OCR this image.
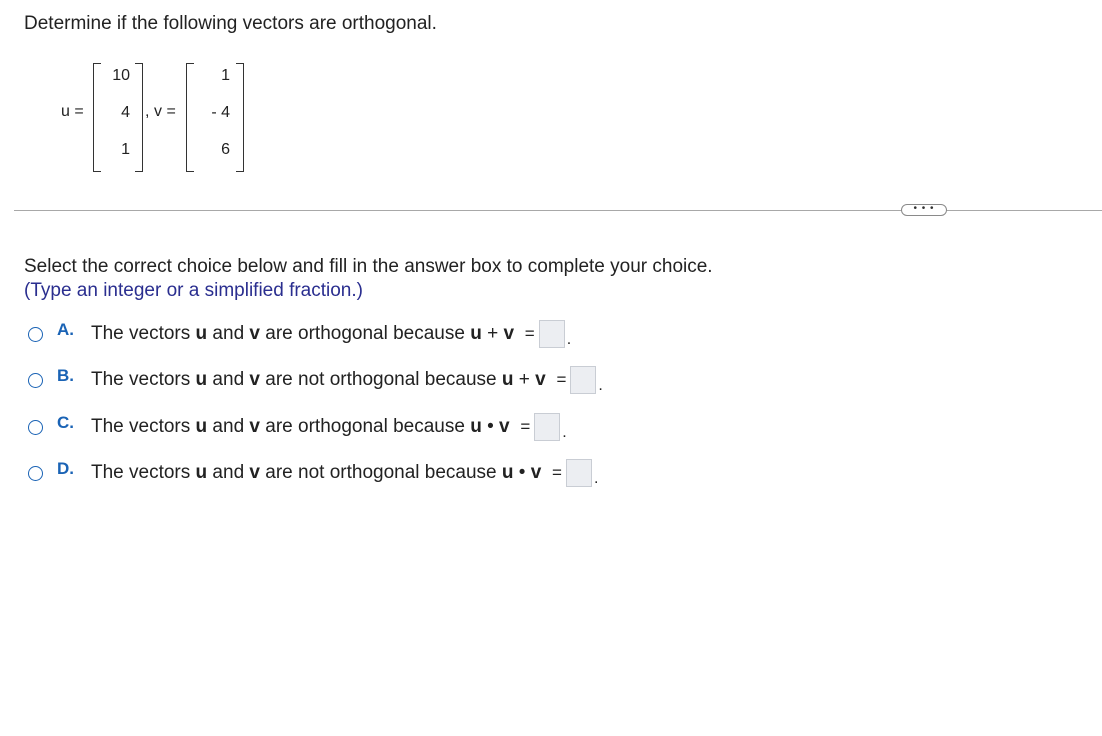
Determine if the following vectors are orthogonal.
u =
10
4
1
, v =
1
- 4
6
• • •
Select the correct choice below and fill in the answer box to complete your choice.
(Type an integer or a simplified fraction.)
A. The vectors u and v are orthogonal because u + v = .
B. The vectors u and v are not orthogonal because u + v = .
C. The vectors u and v are orthogonal because u • v = .
D. The vectors u and v are not orthogonal because u • v = .
